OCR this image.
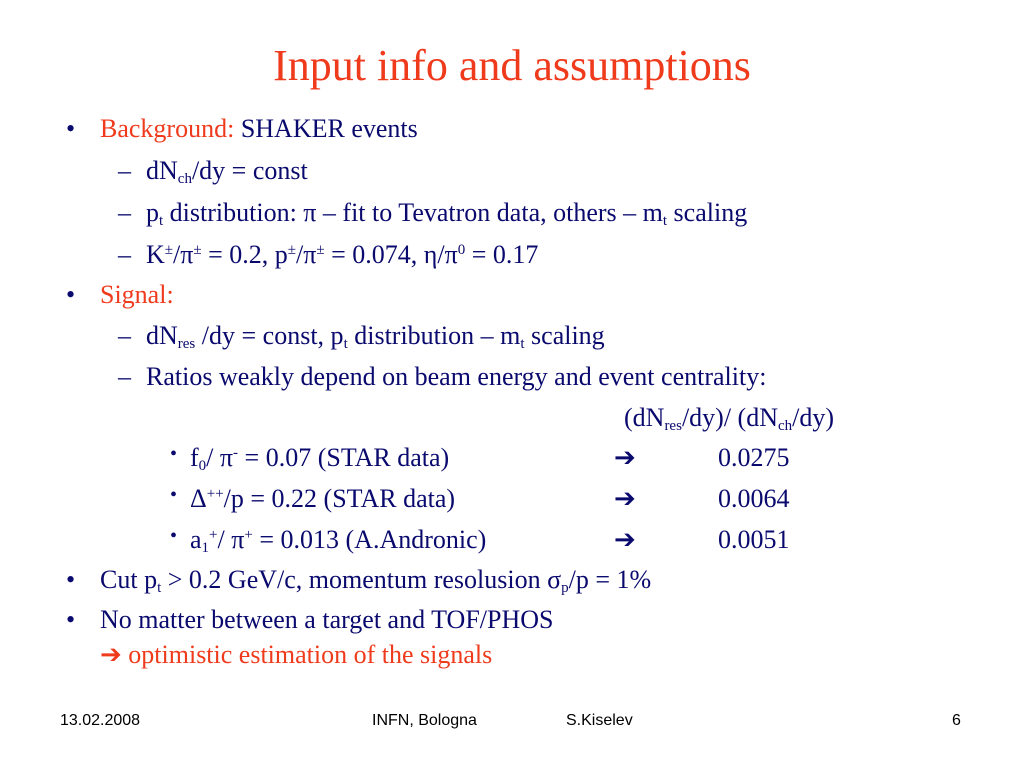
Input info and assumptions
• Background: SHAKER events
– $dN_{ch}/dy$ = const
– $p_t$ distribution: π – fit to Tevatron data, others – $m_t$ scaling
– K±/π± = 0.2, p±/π± = 0.074, $\eta/\pi^0 = 0.17$
• Signal:
– $dN_{res}$ /dy = const, $p_t$ distribution – $m_t$ scaling
– Ratios weakly depend on beam energy and event centrality:
$(dN_{res}/dy)/$ $(dN_{ch}/dy)$
• $f_0/$ π- = 0.07 (STAR data)	➔	0.0275
• Δ++/p = 0.22 (STAR data)	➔	0.0064
• $a_1^+/$ π+ = 0.013 (A.Andronic)	➔	0.0051
• Cut $p_t > 0.2$ GeV/c, momentum resolusion $\sigma_p/p = 1\%$
• No matter between a target and TOF/PHOS
➔ optimistic estimation of the signals
13.02.2008	INFN, Bologna	S.Kiselev	6
